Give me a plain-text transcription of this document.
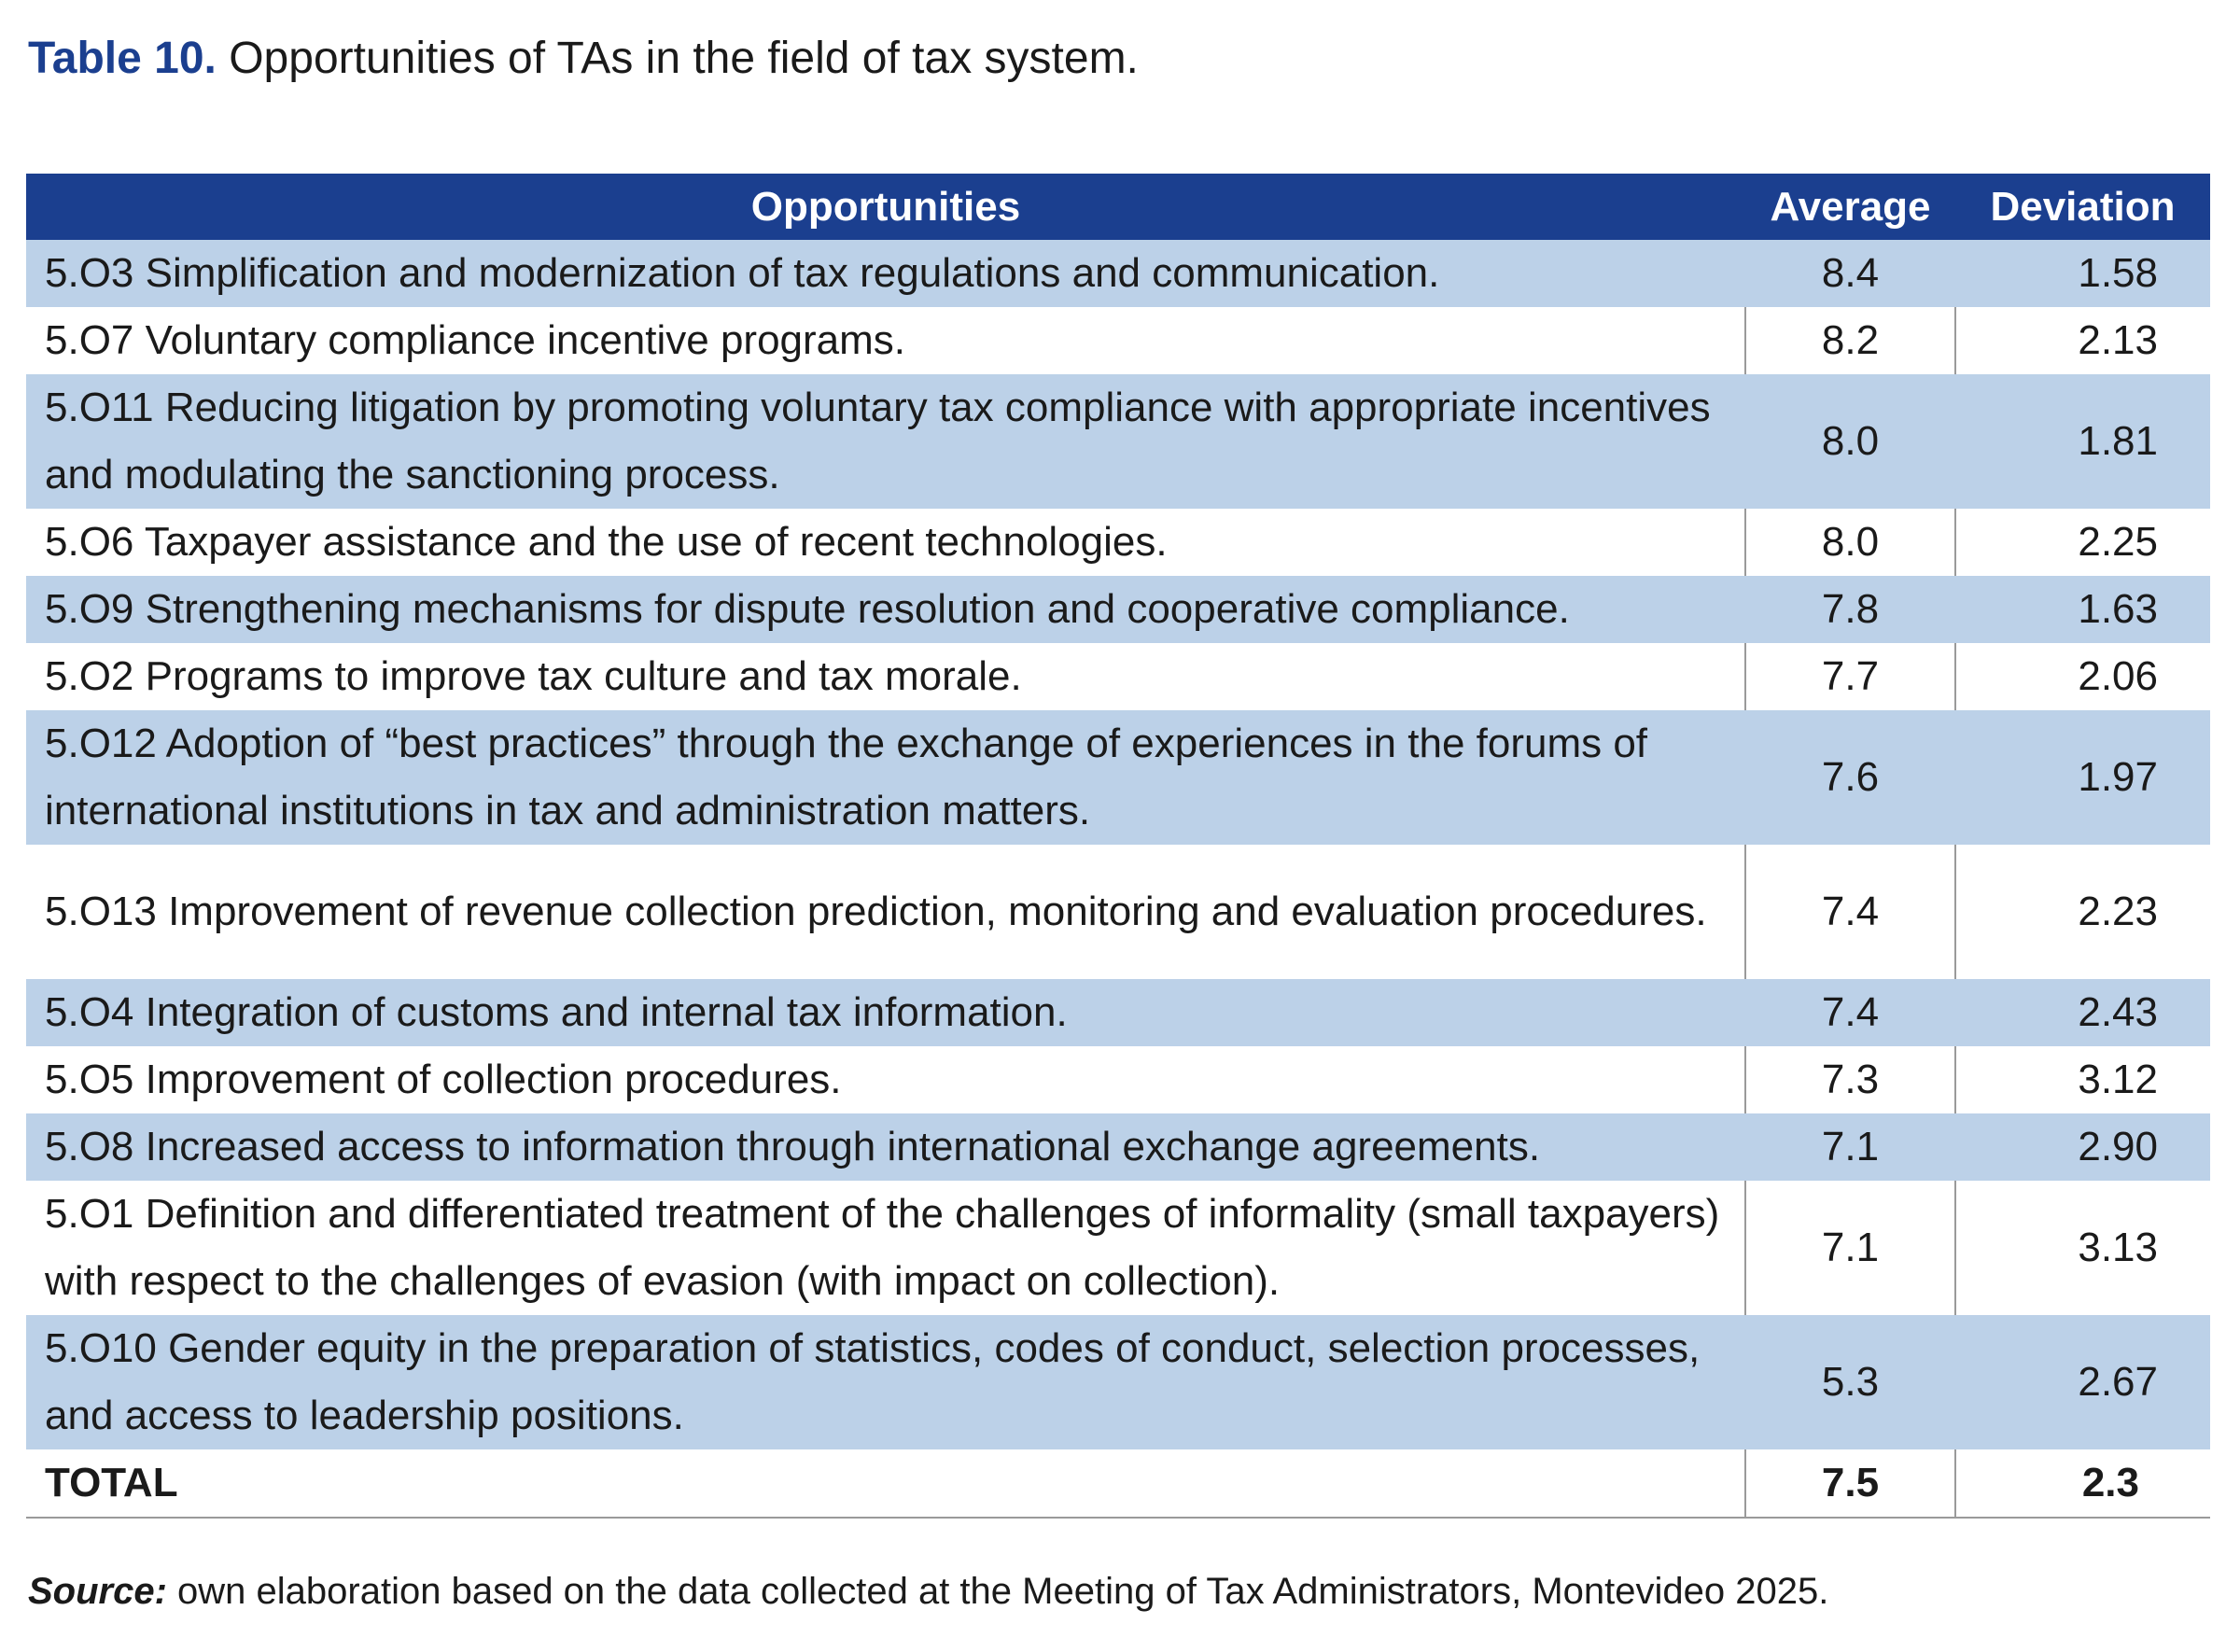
Table 10. Opportunities of TAs in the field of tax system.
Opportunities	Average	Deviation
5.O3 Simplification and modernization of tax regulations and communication.	8.4	1.58
5.O7 Voluntary compliance incentive programs.	8.2	2.13
5.O11 Reducing litigation by promoting voluntary tax compliance with appropriate incentives and modulating the sanctioning process.	8.0	1.81
5.O6 Taxpayer assistance and the use of recent technologies.	8.0	2.25
5.O9 Strengthening mechanisms for dispute resolution and cooperative compliance.	7.8	1.63
5.O2 Programs to improve tax culture and tax morale.	7.7	2.06
5.O12 Adoption of “best practices” through the exchange of experiences in the forums of international institutions in tax and administration matters.	7.6	1.97
5.O13 Improvement of revenue collection prediction, monitoring and evaluation procedures.	7.4	2.23
5.O4 Integration of customs and internal tax information.	7.4	2.43
5.O5 Improvement of collection procedures.	7.3	3.12
5.O8 Increased access to information through international exchange agreements.	7.1	2.90
5.O1 Definition and differentiated treatment of the challenges of informality (small taxpayers) with respect to the challenges of evasion (with impact on collection).	7.1	3.13
5.O10 Gender equity in the preparation of statistics, codes of conduct, selection processes, and access to leadership positions.	5.3	2.67
TOTAL	7.5	2.3
Source: own elaboration based on the data collected at the Meeting of Tax Administrators, Montevideo 2025.
